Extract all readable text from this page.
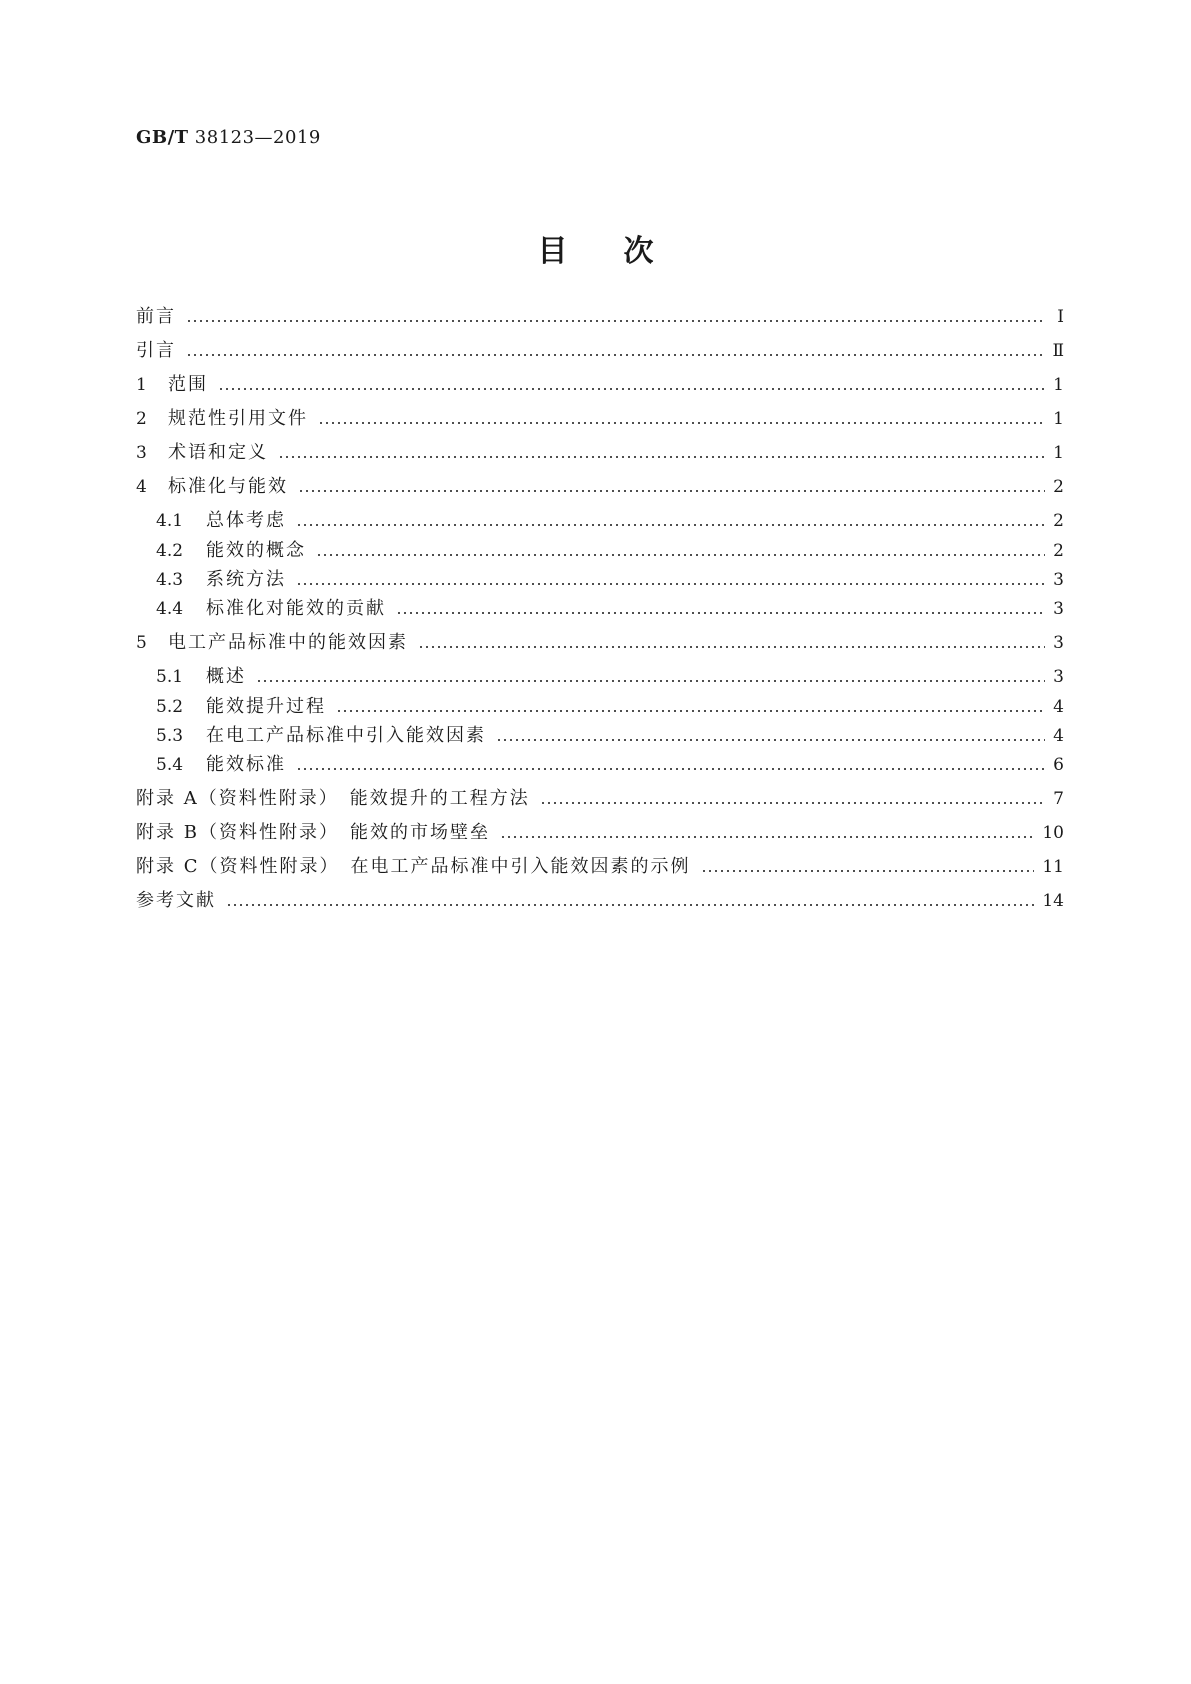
GB/T 38123—2019
目次
前言	Ⅰ
引言	Ⅱ
1	范围	1
2	规范性引用文件	1
3	术语和定义	1
4	标准化与能效	2
4.1	总体考虑	2
4.2	能效的概念	2
4.3	系统方法	3
4.4	标准化对能效的贡献	3
5	电工产品标准中的能效因素	3
5.1	概述	3
5.2	能效提升过程	4
5.3	在电工产品标准中引入能效因素	4
5.4	能效标准	6
附录 A（资料性附录）　能效提升的工程方法	7
附录 B（资料性附录）　能效的市场壁垒	10
附录 C（资料性附录）　在电工产品标准中引入能效因素的示例	11
参考文献	14
